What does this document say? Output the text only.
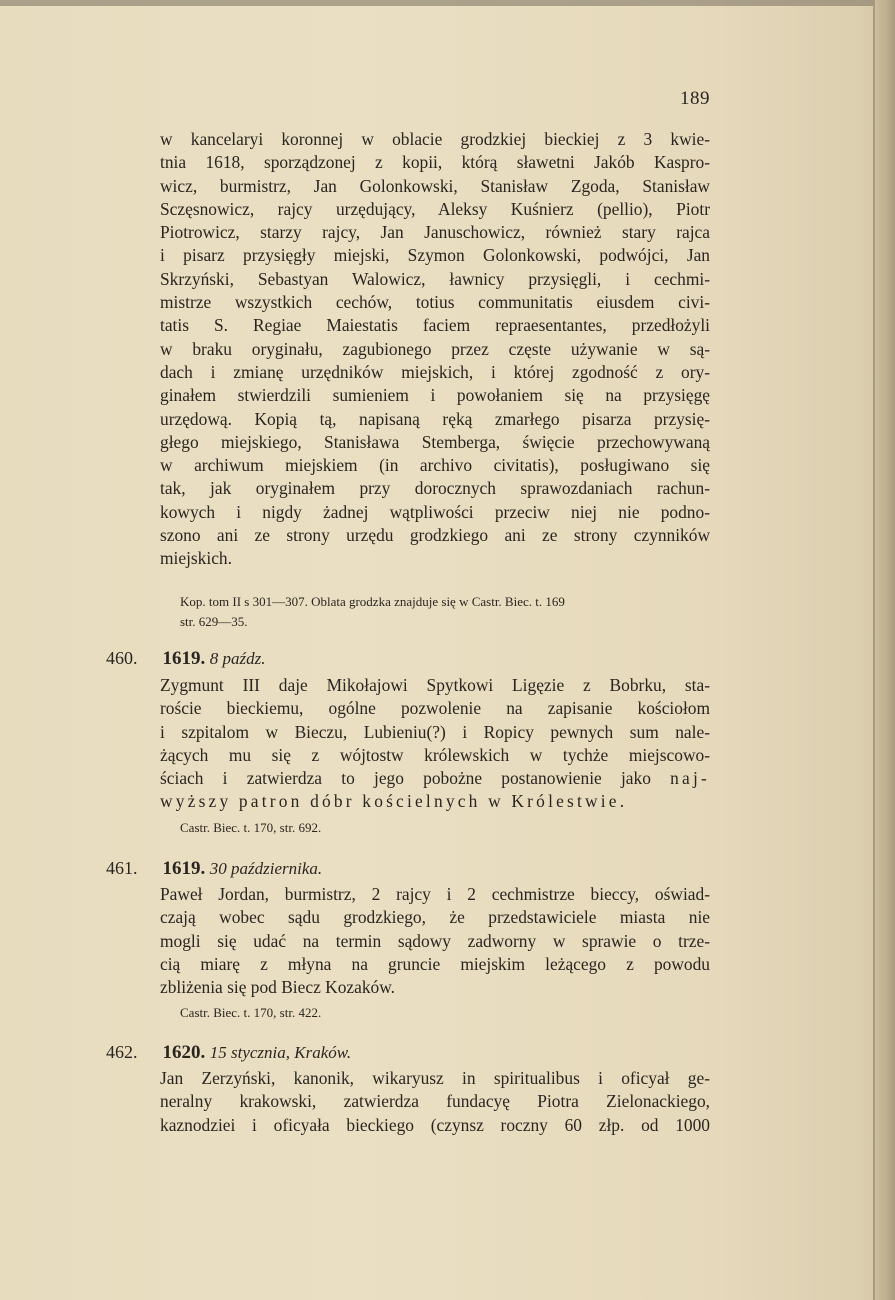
189
w kancelaryi koronnej w oblacie grodzkiej bieckiej z 3 kwie-
tnia 1618, sporządzonej z kopii, którą sławetni Jakób Kaspro-
wicz, burmistrz, Jan Golonkowski, Stanisław Zgoda, Stanisław
Sczęsnowicz, rajcy urzędujący, Aleksy Kuśnierz (pellio), Piotr
Piotrowicz, starzy rajcy, Jan Januschowicz, również stary rajca
i pisarz przysięgły miejski, Szymon Golonkowski, podwójci, Jan
Skrzyński, Sebastyan Walowicz, ławnicy przysięgli, i cechmi-
mistrze wszystkich cechów, totius communitatis eiusdem civi-
tatis S. Regiae Maiestatis faciem repraesentantes, przedłożyli
w braku oryginału, zagubionego przez częste używanie w są-
dach i zmianę urzędników miejskich, i której zgodność z ory-
ginałem stwierdzili sumieniem i powołaniem się na przysięgę
urzędową. Kopią tą, napisaną ręką zmarłego pisarza przysię-
głego miejskiego, Stanisława Stemberga, święcie przechowywaną
w archiwum miejskiem (in archivo civitatis), posługiwano się
tak, jak oryginałem przy dorocznych sprawozdaniach rachun-
kowych i nigdy żadnej wątpliwości przeciw niej nie podno-
szono ani ze strony urzędu grodzkiego ani ze strony czynników
miejskich.
Kop. tom II s 301—307. Oblata grodzka znajduje się w Castr. Biec. t. 169
str. 629—35.
460. 1619. 8 paźdz.
Zygmunt III daje Mikołajowi Spytkowi Ligęzie z Bobrku, sta-
roście bieckiemu, ogólne pozwolenie na zapisanie kościołom
i szpitalom w Bieczu, Lubieniu(?) i Ropicy pewnych sum nale-
żących mu się z wójtostw królewskich w tychże miejscowo-
ściach i zatwierdza to jego pobożne postanowienie jako naj-
wyższy patron dóbr kościelnych w Królestwie.
Castr. Biec. t. 170, str. 692.
461. 1619. 30 października.
Paweł Jordan, burmistrz, 2 rajcy i 2 cechmistrze bieccy, oświad-
czają wobec sądu grodzkiego, że przedstawiciele miasta nie
mogli się udać na termin sądowy zadworny w sprawie o trze-
cią miarę z młyna na gruncie miejskim leżącego z powodu
zbliżenia się pod Biecz Kozaków.
Castr. Biec. t. 170, str. 422.
462. 1620. 15 stycznia, Kraków.
Jan Zerzyński, kanonik, wikaryusz in spiritualibus i oficyał ge-
neralny krakowski, zatwierdza fundacyę Piotra Zielonackiego,
kaznodziei i oficyała bieckiego (czynsz roczny 60 złp. od 1000
